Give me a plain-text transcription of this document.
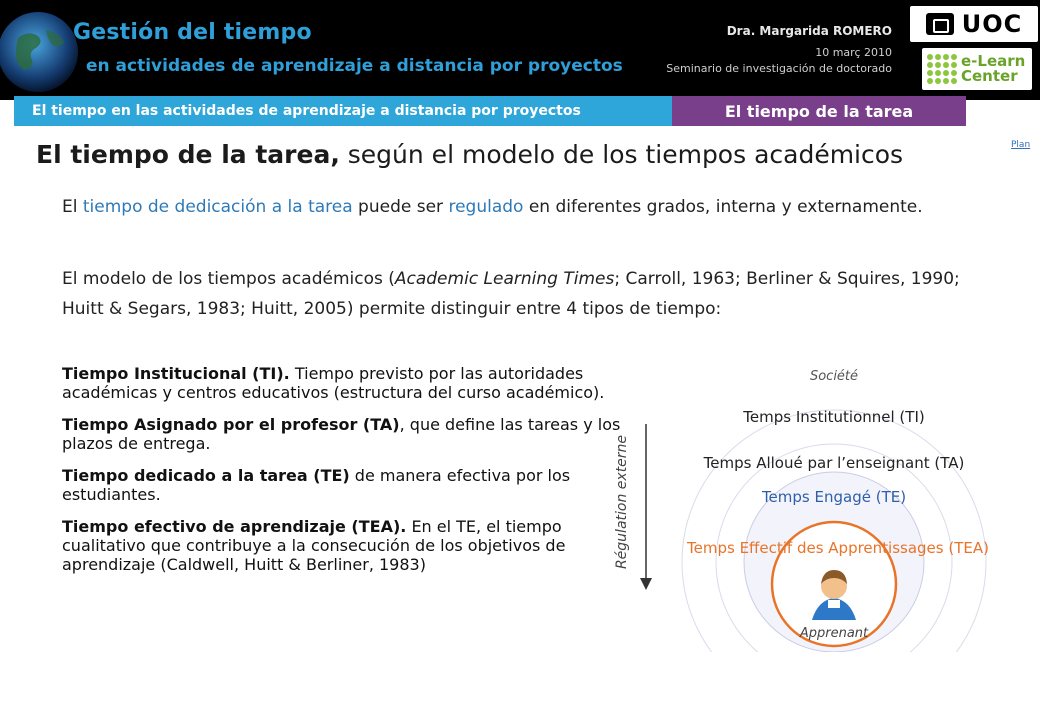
Gestión del tiempo
en actividades de aprendizaje a distancia por proyectos
Dra. Margarida ROMERO
10 març 2010
Seminario de investigación de doctorado
UOC
e-Learn
Center
El tiempo en las actividades de aprendizaje a distancia por proyectos	El tiempo de la tarea
Plan
El tiempo de la tarea, según el modelo de los tiempos académicos
El tiempo de dedicación a la tarea puede ser regulado en diferentes grados, interna y externamente.
El modelo de los tiempos académicos (Academic Learning Times; Carroll, 1963; Berliner & Squires, 1990; Huitt & Segars, 1983; Huitt, 2005) permite distinguir entre 4 tipos de tiempo:
Tiempo Institucional (TI). Tiempo previsto por las autoridades académicas y centros educativos (estructura del curso académico).
Tiempo Asignado por el profesor (TA), que define las tareas y los plazos de entrega.
Tiempo dedicado a la tarea (TE) de manera efectiva por los estudiantes.
Tiempo efectivo de aprendizaje (TEA). En el TE, el tiempo cualitativo que contribuye a la consecución de los objetivos de aprendizaje (Caldwell, Huitt & Berliner, 1983)	Régulation externe
Société
Temps Institutionnel (TI)
Temps Alloué par l’enseignant (TA)
Temps Engagé (TE)
Temps Effectif des Apprentissages (TEA)
Apprenant
